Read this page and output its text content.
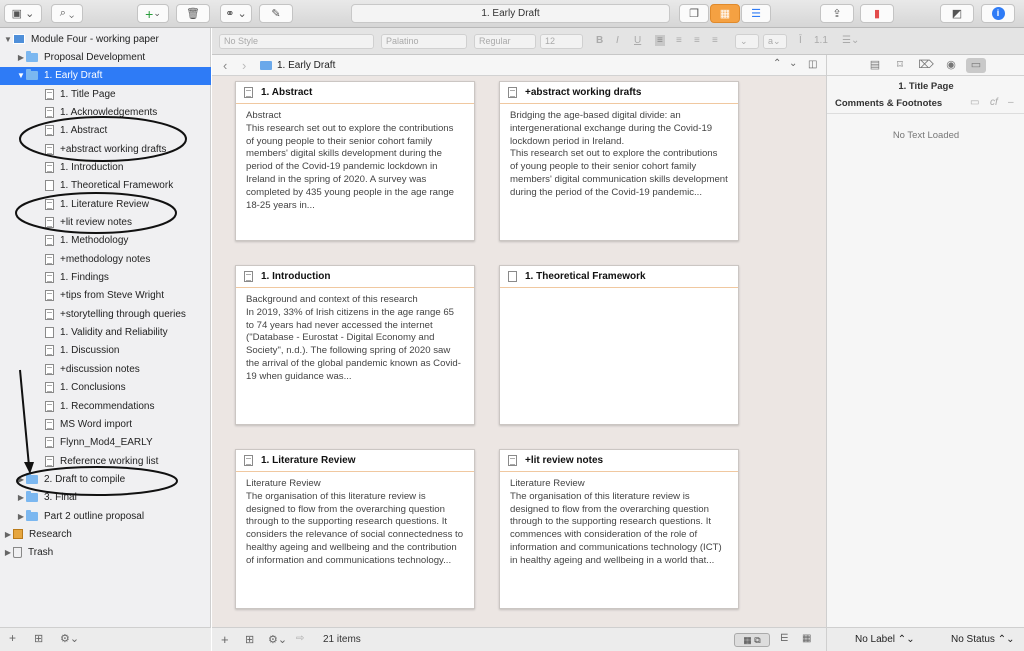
▣ ⌄ ⌕ ⌄	+ ⌄ 🗑 ⚭ ⌄ ✎	1. Early Draft	❐ ▦ ☰	⇪	▮	◩	i
+ ⊞ ⚙⌄
▼ Module Four - working paper
▶ Proposal Development
▼ 1. Early Draft
1. Title Page
1. Acknowledgements
1. Abstract
+abstract working drafts
1. Introduction
1. Theoretical Framework
1. Literature Review
+lit review notes
1. Methodology
+methodology notes
1. Findings
+tips from Steve Wright
+storytelling through queries
1. Validity and Reliability
1. Discussion
+discussion notes
1. Conclusions
1. Recommendations
MS Word import
Flynn_Mod4_EARLY
Reference working list
▶ 2. Draft to compile
▶ 3. Final
▶ Part 2 outline proposal
▶ Research
▶ Trash
No Style	Palatino	Regular	12	B I U ≡ ≡ ≡ ≡	⌄	a⌄	Ī 1.1 ☰⌄
‹ ›	1. Early Draft	⌃ ⌄ ◫
1. Abstract
Abstract
This research set out to explore the contributions of young people to their senior cohort family members' digital skills development during the period of the Covid-19 pandemic lockdown in Ireland in the spring of 2020. A survey was completed by 435 young people in the age range 18-25 years in...
+abstract working drafts
Bridging the age-based digital divide: an intergenerational exchange during the Covid-19 lockdown period in Ireland.
This research set out to explore the contributions of young people to their senior cohort family members' digital communication skills development during the period of the Covid-19 pandemic...
1. Introduction
Background and context of this research
In 2019, 33% of Irish citizens in the age range 65 to 74 years had never accessed the internet ("Database - Eurostat - Digital Economy and Society", n.d.). The following spring of 2020 saw the arrival of the global pandemic known as Covid-19 when guidance was...
1. Theoretical Framework
1. Literature Review
Literature Review
The organisation of this literature review is designed to flow from the overarching question through to the supporting research questions. It considers the relevance of social connectedness to healthy ageing and wellbeing and the contribution of information and communications technology...
+lit review notes
Literature Review
The organisation of this literature review is designed to flow from the overarching question through to the supporting research questions. It commences with consideration of the role of information and communications technology (ICT) in healthy ageing and wellbeing in a world that...
+ ⊞ ⚙⌄ ⇨ 21 items	▦ ⧉	⋿ ▦
▤	⌑	⌦	◉	▭
1. Title Page
Comments & Footnotes	▭ cf –
No Text Loaded
No Label ⌃⌄	No Status ⌃⌄
